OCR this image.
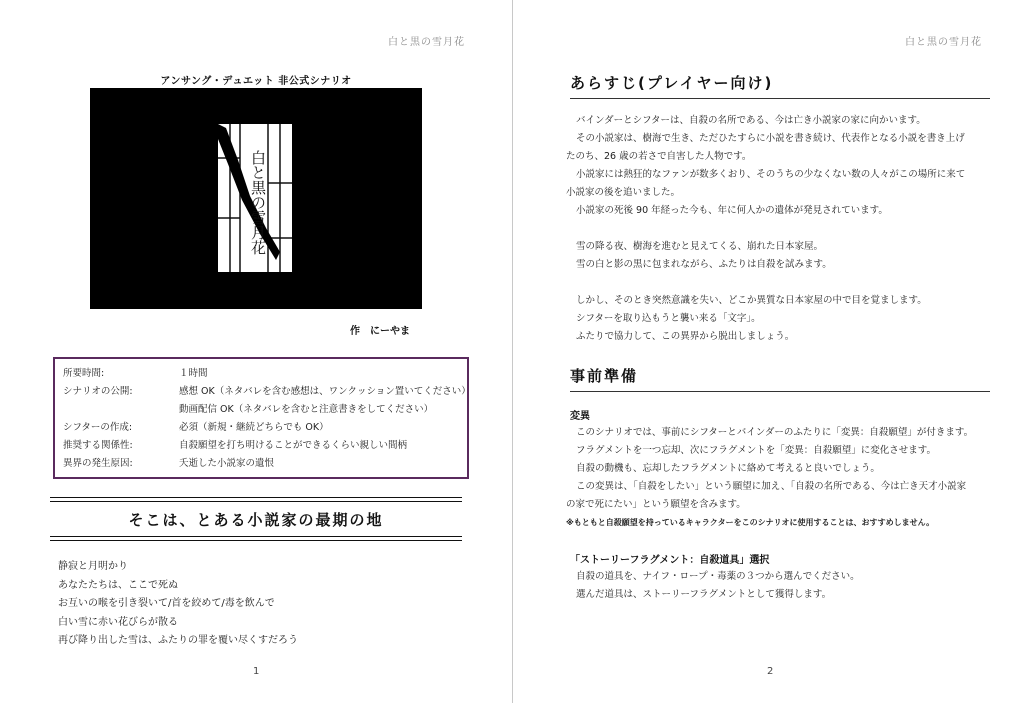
白と黒の雪月花
アンサング・デュエット 非公式シナリオ
白と黒の雪月花
作　にーやま
所要時間:	１時間
シナリオの公開:	感想 OK（ネタバレを含む感想は、ワンクッション置いてください）
動画配信 OK（ネタバレを含むと注意書きをしてください）
シフターの作成:	必須（新規・継続どちらでも OK）
推奨する関係性:	自殺願望を打ち明けることができるくらい親しい間柄
異界の発生原因:	夭逝した小説家の遺恨
そこは、とある小説家の最期の地
静寂と月明かり
あなたたちは、ここで死ぬ
お互いの喉を引き裂いて/首を絞めて/毒を飲んで
白い雪に赤い花びらが散る
再び降り出した雪は、ふたりの罪を覆い尽くすだろう
1
白と黒の雪月花
あらすじ(プレイヤー向け)

バインダーとシフターは、自殺の名所である、今は亡き小説家の家に向かいます。

その小説家は、樹海で生き、ただひたすらに小説を書き続け、代表作となる小説を書き上げ

たのち、26 歳の若さで自害した人物です。

小説家には熱狂的なファンが数多くおり、そのうちの少なくない数の人々がこの場所に来て

小説家の後を追いました。

小説家の死後 90 年経った今も、年に何人かの遺体が発見されています。

雪の降る夜、樹海を進むと見えてくる、崩れた日本家屋。

雪の白と影の黒に包まれながら、ふたりは自殺を試みます。

しかし、そのとき突然意識を失い、どこか異質な日本家屋の中で目を覚まします。

シフターを取り込もうと襲い来る「文字」。

ふたりで協力して、この異界から脱出しましょう。

事前準備
変異

このシナリオでは、事前にシフターとバインダーのふたりに「変異：自殺願望」が付きます。

フラグメントを一つ忘却、次にフラグメントを「変異：自殺願望」に変化させます。

自殺の動機も、忘却したフラグメントに絡めて考えると良いでしょう。

この変異は、「自殺をしたい」という願望に加え、「自殺の名所である、今は亡き天才小説家

の家で死にたい」という願望を含みます。

※もともと自殺願望を持っているキャラクターをこのシナリオに使用することは、おすすめしません。

「ストーリーフラグメント：自殺道具」選択

自殺の道具を、ナイフ・ロープ・毒薬の３つから選んでください。

選んだ道具は、ストーリーフラグメントとして獲得します。

2
